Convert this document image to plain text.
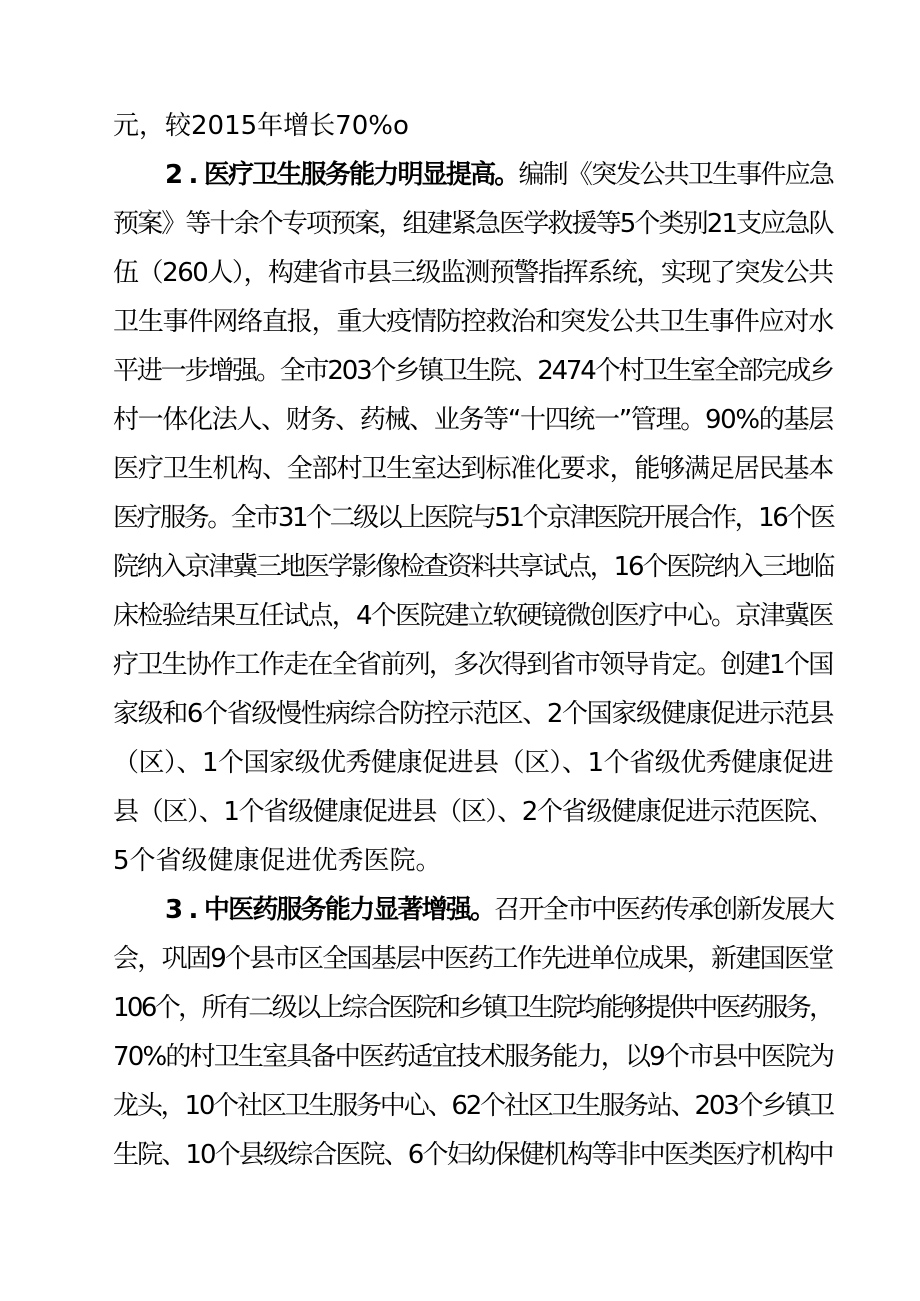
元，较2015年增长70%o
2 . 医疗卫生服务能力明显提高。编制《突发公共卫生事件应急
预案》等十余个专项预案，组建紧急医学救援等5个类别21支应急队
伍（260人），构建省市县三级监测预警指挥系统，实现了突发公共
卫生事件网络直报，重大疫情防控救治和突发公共卫生事件应对水
平进一步增强。全市203个乡镇卫生院、2474个村卫生室全部完成乡
村一体化法人、财务、药械、业务等“十四统一”管理。90%的基层
医疗卫生机构、全部村卫生室达到标准化要求，能够满足居民基本
医疗服务。全市31个二级以上医院与51个京津医院开展合作，16个医
院纳入京津冀三地医学影像检查资料共享试点，16个医院纳入三地临
床检验结果互任试点，4个医院建立软硬镜微创医疗中心。京津冀医
疗卫生协作工作走在全省前列，多次得到省市领导肯定。创建1个国
家级和6个省级慢性病综合防控示范区、2个国家级健康促进示范县
（区）、1个国家级优秀健康促进县（区）、1个省级优秀健康促进
县（区）、1个省级健康促进县（区）、2个省级健康促进示范医院、
5个省级健康促进优秀医院。
3 . 中医药服务能力显著增强。召开全市中医药传承创新发展大
会，巩固9个县市区全国基层中医药工作先进单位成果，新建国医堂
106个，所有二级以上综合医院和乡镇卫生院均能够提供中医药服务，
70%的村卫生室具备中医药适宜技术服务能力，以9个市县中医院为
龙头，10个社区卫生服务中心、62个社区卫生服务站、203个乡镇卫
生院、10个县级综合医院、6个妇幼保健机构等非中医类医疗机构中
